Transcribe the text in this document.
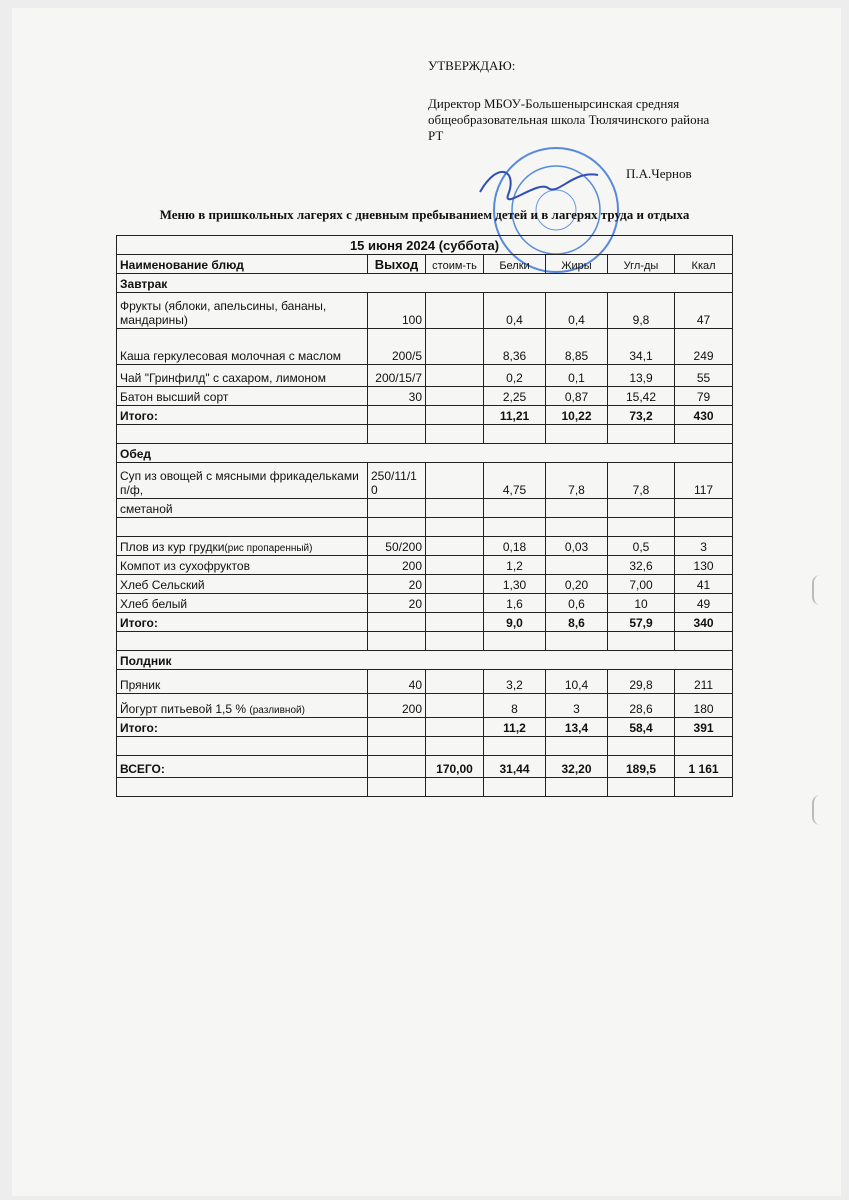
УТВЕРЖДАЮ:
Директор МБОУ-Большенырсинская средняя
общеобразовательная школа Тюлячинского района
РТ
П.А.Чернов
Меню в пришкольных лагерях с дневным пребыванием детей и в лагерях труда и отдыха
15 июня 2024 (суббота)						
Наименование блюд	Выход	стоим-ть	Белки	Жиры	Угл-ды	Ккал
Завтрак						
Фрукты (яблоки, апельсины, бананы, мандарины)	100		0,4	0,4	9,8	47
Каша геркулесовая молочная с маслом	200/5		8,36	8,85	34,1	249
Чай "Гринфилд" с сахаром, лимоном	200/15/7		0,2	0,1	13,9	55
Батон высший сорт	30		2,25	0,87	15,42	79
Итого:			11,21	10,22	73,2	430

Обед						
Суп из овощей с мясными фрикадельками п/ф,	250/11/10		4,75	7,8	7,8	117
сметаной						

Плов из кур грудки(рис пропаренный)	50/200		0,18	0,03	0,5	3
Компот из сухофруктов	200		1,2		32,6	130
Хлеб Сельский	20		1,30	0,20	7,00	41
Хлеб белый	20		1,6	0,6	10	49
Итого:			9,0	8,6	57,9	340

Полдник						
Пряник	40		3,2	10,4	29,8	211
Йогурт питьевой 1,5 % (разливной)	200		8	3	28,6	180
Итого:			11,2	13,4	58,4	391

ВСЕГО:		170,00	31,44	32,20	189,5	1 161
